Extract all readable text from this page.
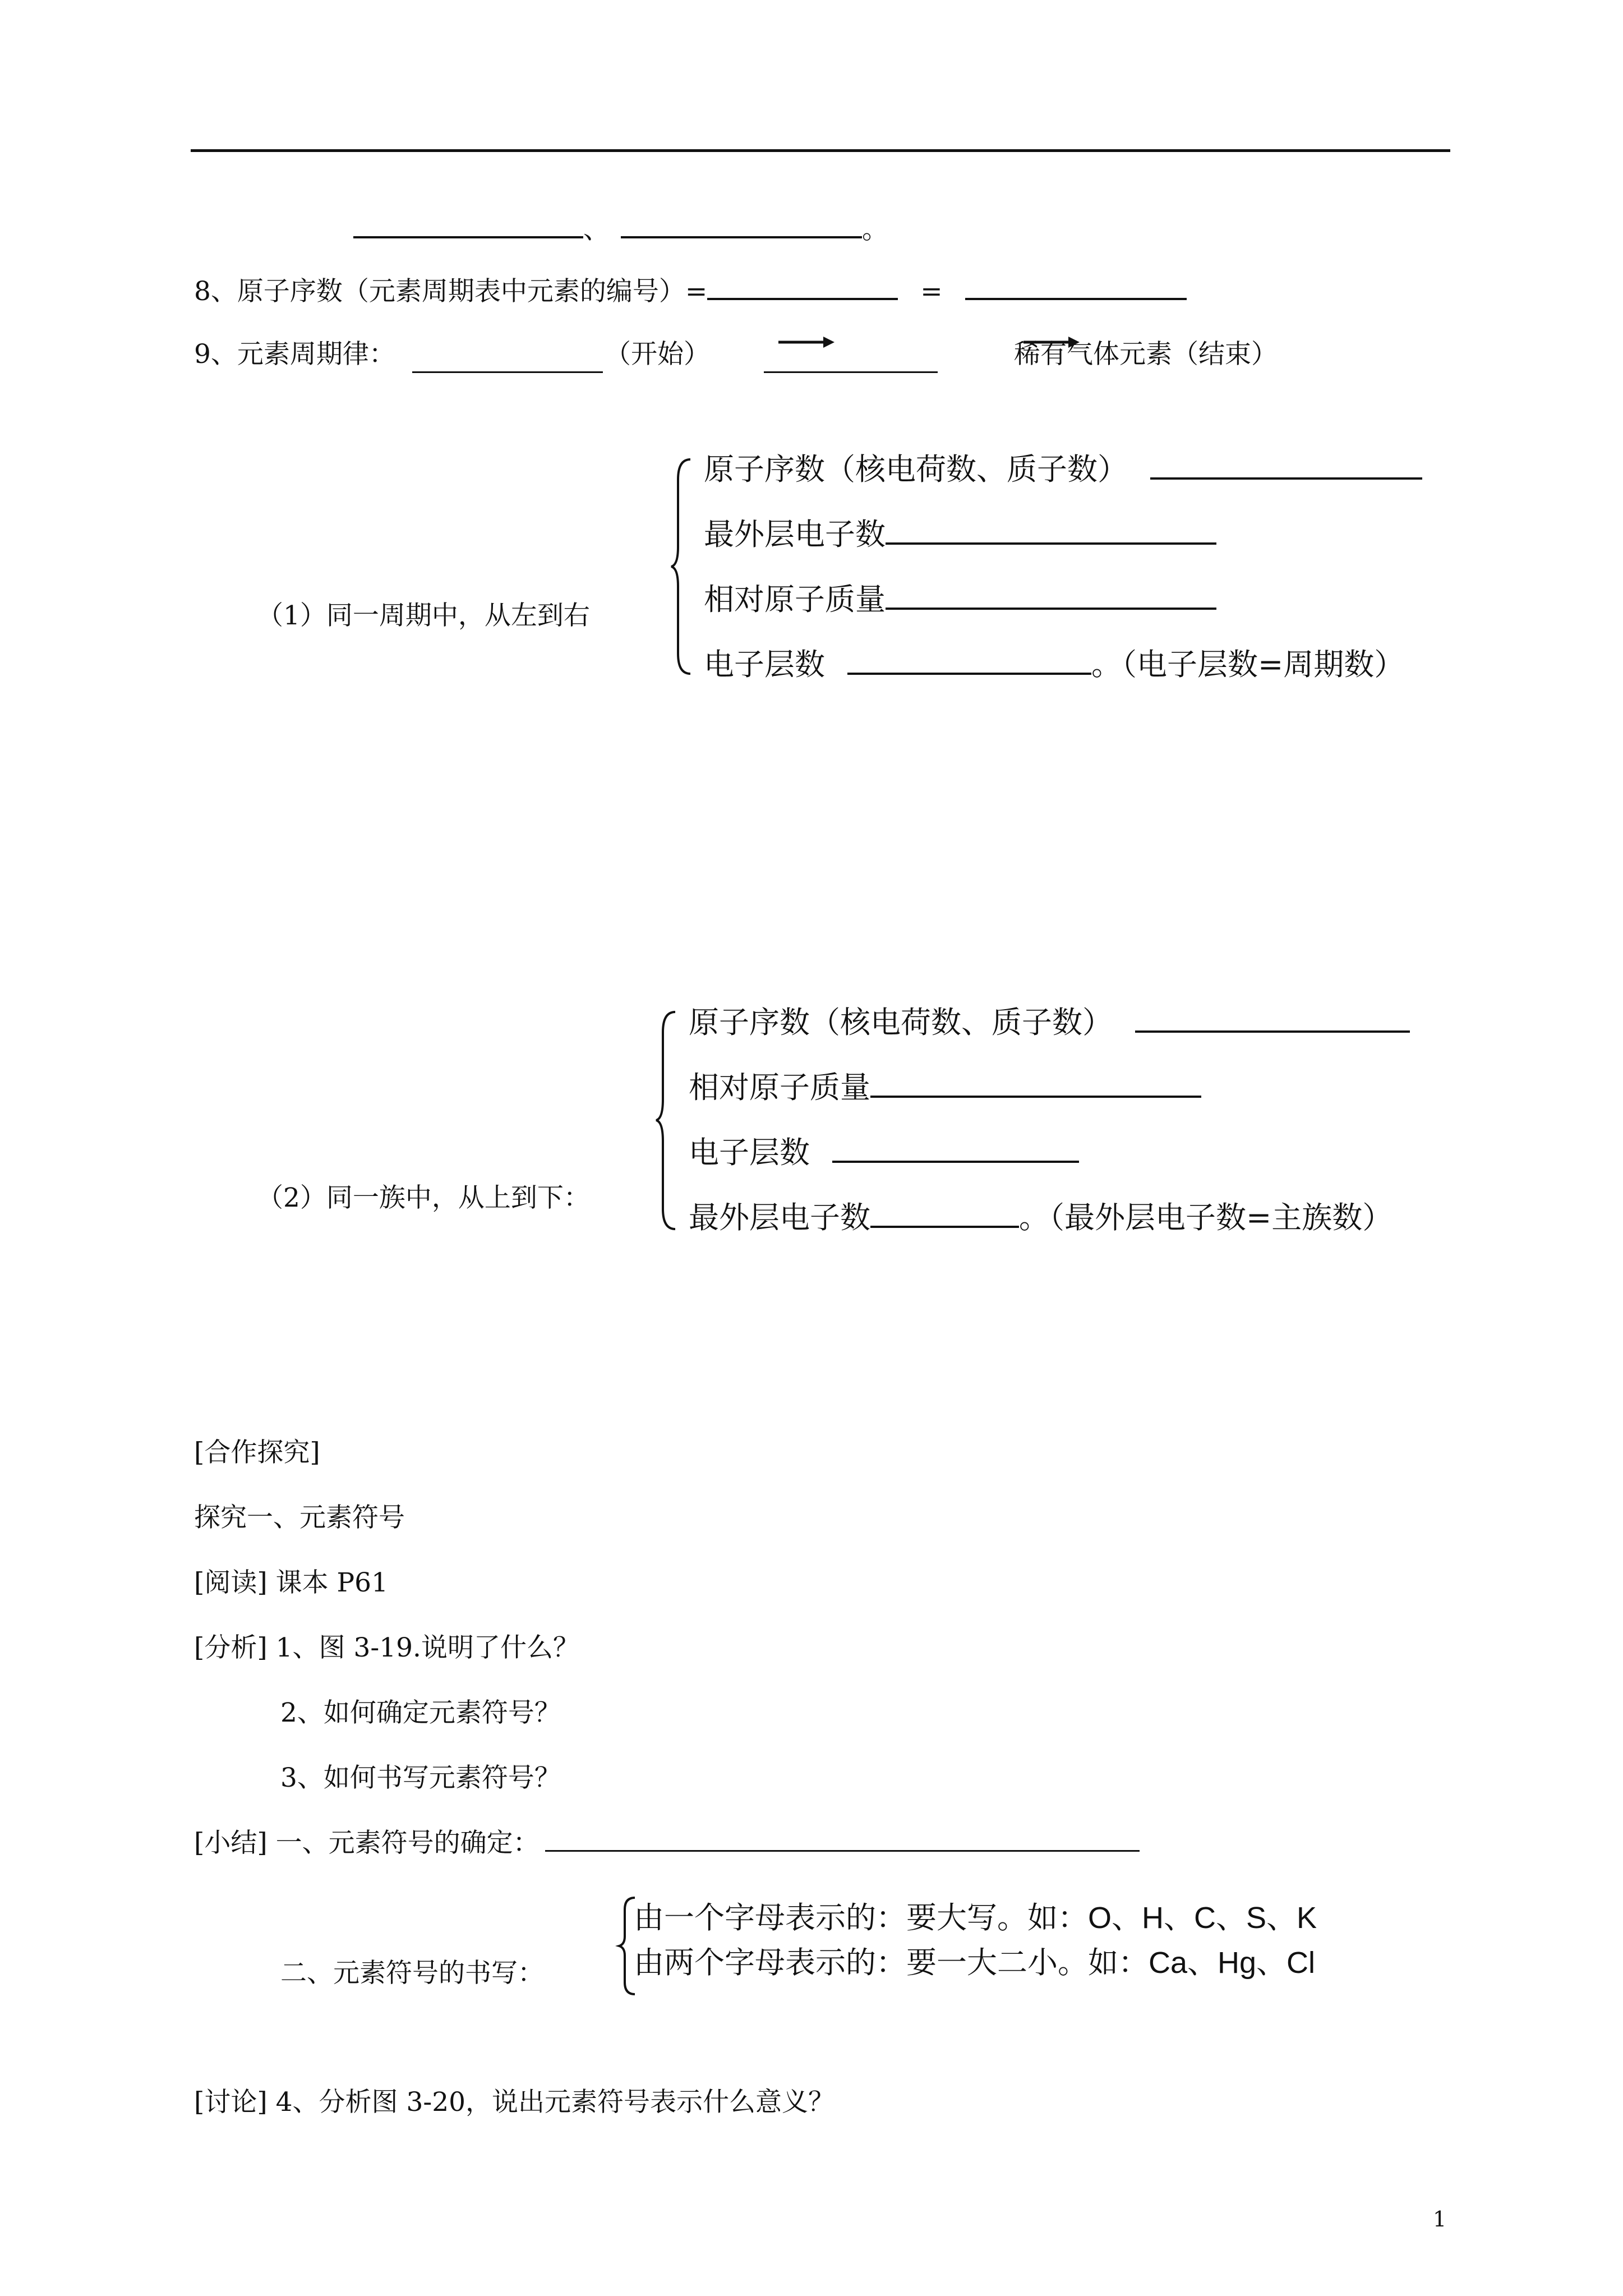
、	。
8、原子序数（元素周期表中元素的编号）=	=
9、元素周期律：	（开始）	稀有气体元素（结束）
（1）同一周期中，从左到右
原子序数（核电荷数、质子数）
最外层电子数
相对原子质量
电子层数	。（电子层数=周期数）
（2）同一族中，从上到下：
原子序数（核电荷数、质子数）
相对原子质量
电子层数
最外层电子数	。（最外层电子数=主族数）
[合作探究]
探究一、元素符号
[阅读] 课本 P61
[分析] 1、图 3-19.说明了什么？
2、如何确定元素符号？
3、如何书写元素符号？
[小结] 一、元素符号的确定：
二、元素符号的书写：
由一个字母表示的：要大写。如：O、H、C、S、K
由两个字母表示的：要一大二小。如：Ca、Hg、Cl
[讨论] 4、分析图 3-20，说出元素符号表示什么意义？
1
